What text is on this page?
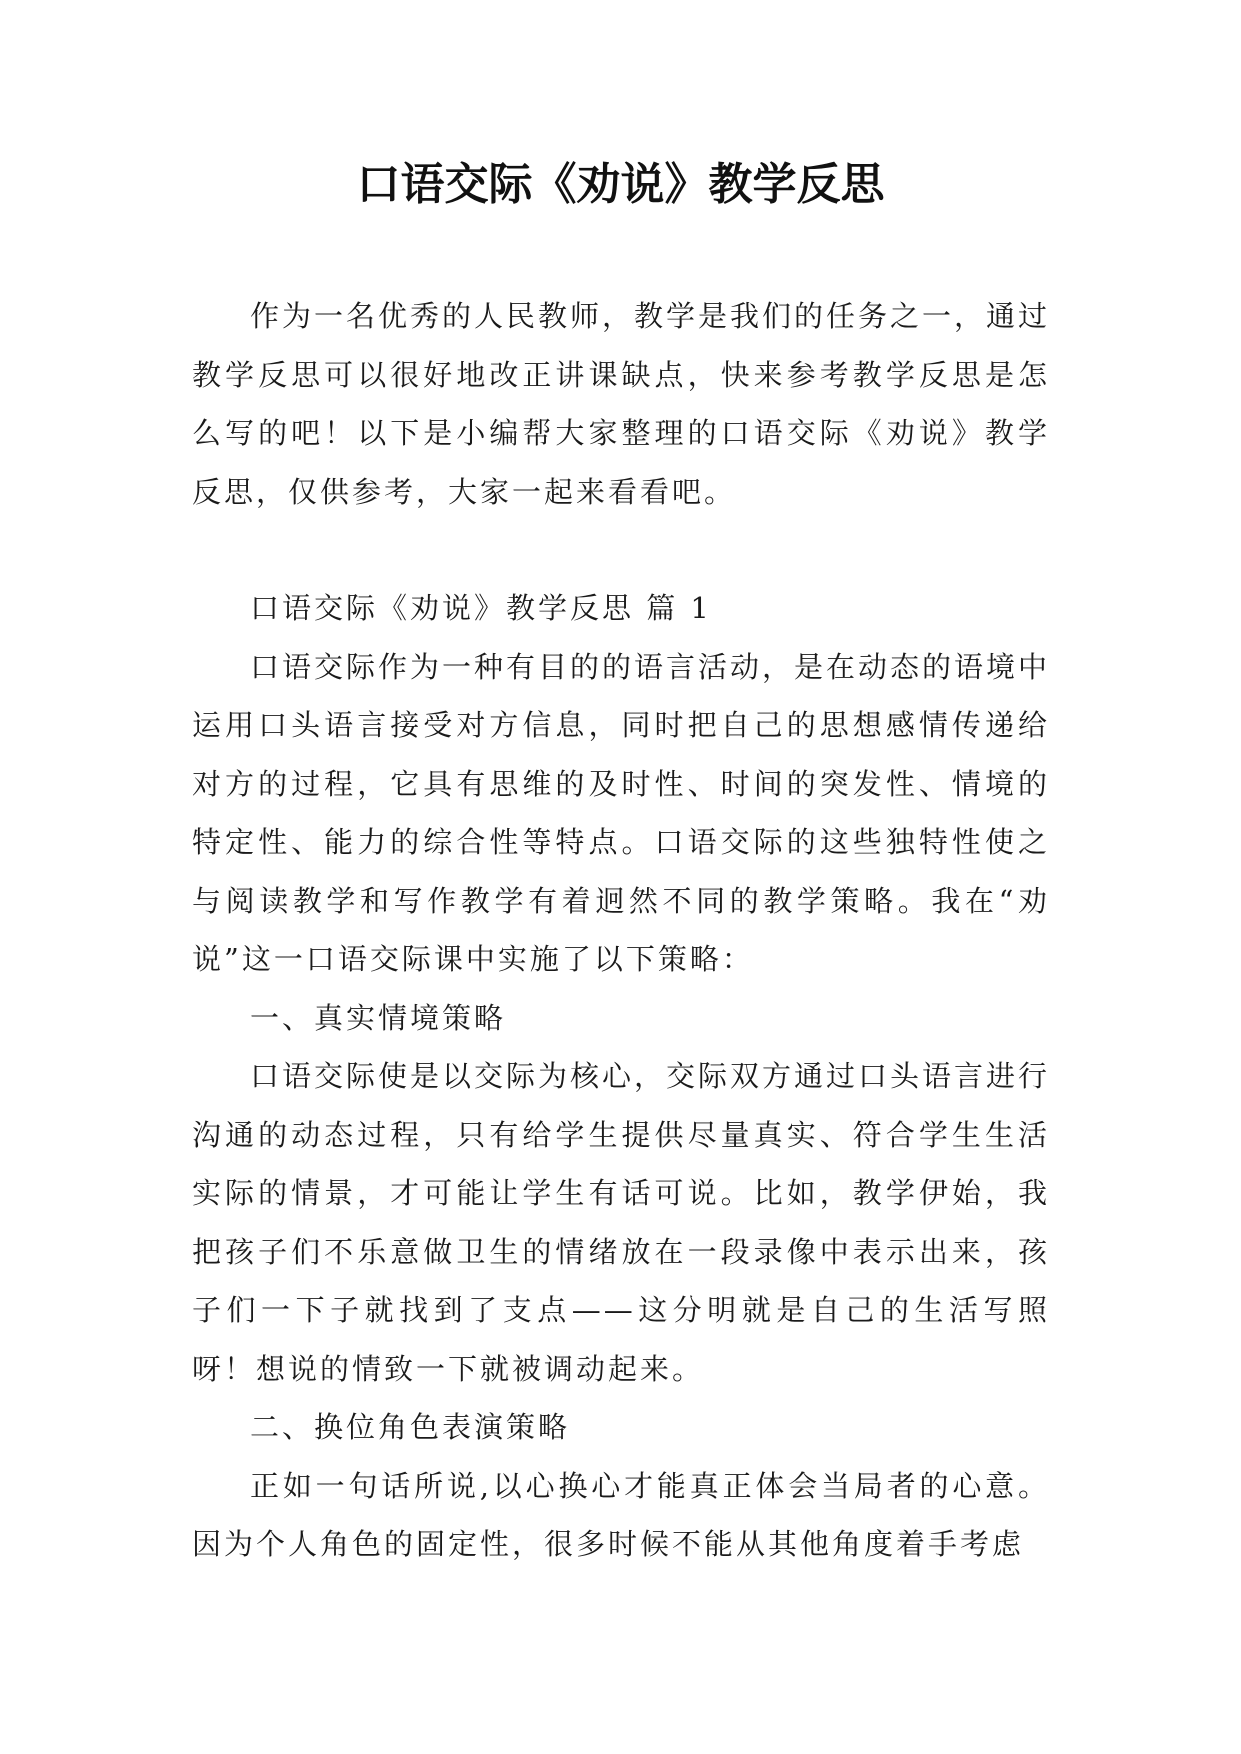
口语交际《劝说》教学反思

作为一名优秀的人民教师，教学是我们的任务之一，通过教学反思可以很好地改正讲课缺点，快来参考教学反思是怎么写的吧！以下是小编帮大家整理的口语交际《劝说》教学反思，仅供参考，大家一起来看看吧。

口语交际《劝说》教学反思 篇 1

口语交际作为一种有目的的语言活动，是在动态的语境中运用口头语言接受对方信息，同时把自己的思想感情传递给对方的过程，它具有思维的及时性、时间的突发性、情境的特定性、能力的综合性等特点。口语交际的这些独特性使之与阅读教学和写作教学有着迥然不同的教学策略。我在“劝说”这一口语交际课中实施了以下策略：

一、真实情境策略

口语交际使是以交际为核心，交际双方通过口头语言进行沟通的动态过程，只有给学生提供尽量真实、符合学生生活实际的情景，才可能让学生有话可说。比如，教学伊始，我把孩子们不乐意做卫生的情绪放在一段录像中表示出来，孩子们一下子就找到了支点——这分明就是自己的生活写照呀！想说的情致一下就被调动起来。

二、换位角色表演策略

正如一句话所说,以心换心才能真正体会当局者的心意。因为个人角色的固定性，很多时候不能从其他角度着手考虑
